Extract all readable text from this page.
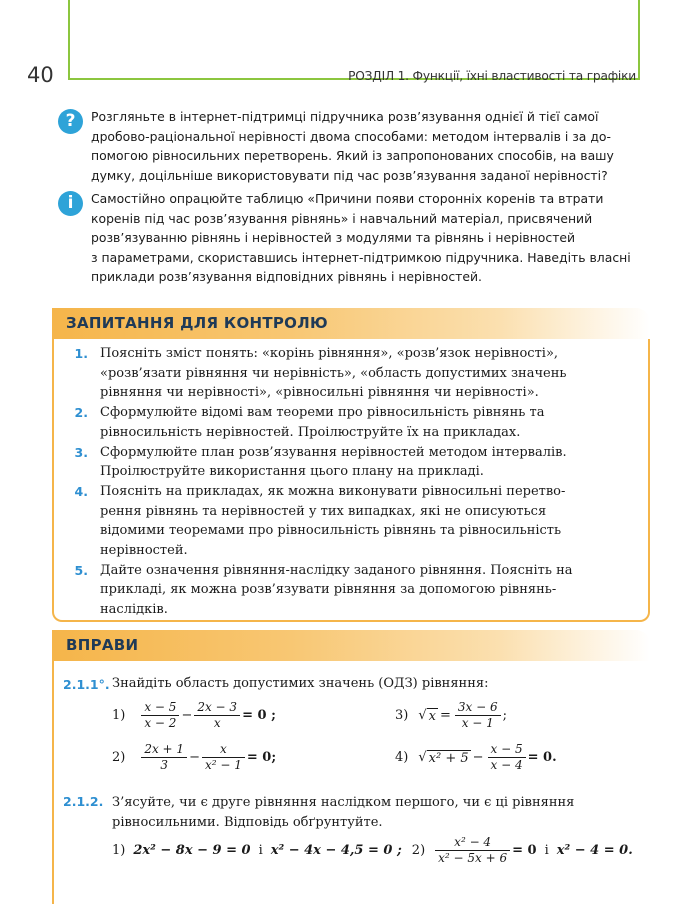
40	РОЗДІЛ 1. Функції, їхні властивості та графіки
?	Розгляньте в інтернет-підтримці підручника розв’язування однієї й тієї самої
дробово-раціональної нерівності двома способами: методом інтервалів і за до-
помогою рівносильних перетворень. Який із запропонованих способів, на вашу
думку, доцільніше використовувати під час розв’язування заданої нерівності?
i	Самостійно опрацюйте таблицю «Причини появи сторонніх коренів та втрати
коренів під час розв’язування рівнянь» і навчальний матеріал, присвячений
розв’язуванню рівнянь і нерівностей з модулями та рівнянь і нерівностей
з параметрами, скориставшись інтернет-підтримкою підручника. Наведіть власні
приклади розв’язування відповідних рівнянь і нерівностей.
ЗАПИТАННЯ ДЛЯ КОНТРОЛЮ
1. Поясніть зміст понять: «корінь рівняння», «розв’язок нерівності»,
«розв’язати рівняння чи нерівність», «область допустимих значень
рівняння чи нерівності», «рівносильні рівняння чи нерівності».
2. Сформулюйте відомі вам теореми про рівносильність рівнянь та
рівносильність нерівностей. Проілюструйте їх на прикладах.
3. Сформулюйте план розв’язування нерівностей методом інтервалів.
Проілюструйте використання цього плану на прикладі.
4. Поясніть на прикладах, як можна виконувати рівносильні перетво-
рення рівнянь та нерівностей у тих випадках, які не описуються
відомими теоремами про рівносильність рівнянь та рівносильність
нерівностей.
5. Дайте означення рівняння-наслідку заданого рівняння. Поясніть на
прикладі, як можна розв’язувати рівняння за допомогою рівнянь-
наслідків.
ВПРАВИ
2.1.1°. Знайдіть область допустимих значень (ОДЗ) рівняння:
$1) \frac{x - 5}{x - 2} - \frac{2x - 3}{x} = 0$ ;	3) √ $x = \frac{3x - 6}{x - 1}$ ;
$2) \frac{2x + 1}{3} - \frac{x}{\text{x² − 1}} = 0$;	4) √ $x^2 + 5 - \frac{x - 5}{x - 4} = 0$.
2.1.2. З’ясуйте, чи є друге рівняння наслідком першого, чи є ці рівняння
рівносильними. Відповідь обґрунтуйте.
1) 2x² − 8x − 9 = 0 і x² − 4x − 4,5 = 0 ; $2) \frac{\text{x² − 4}}{\text{x² − 5x + 6}} = 0$ і x² − 4 = 0.
